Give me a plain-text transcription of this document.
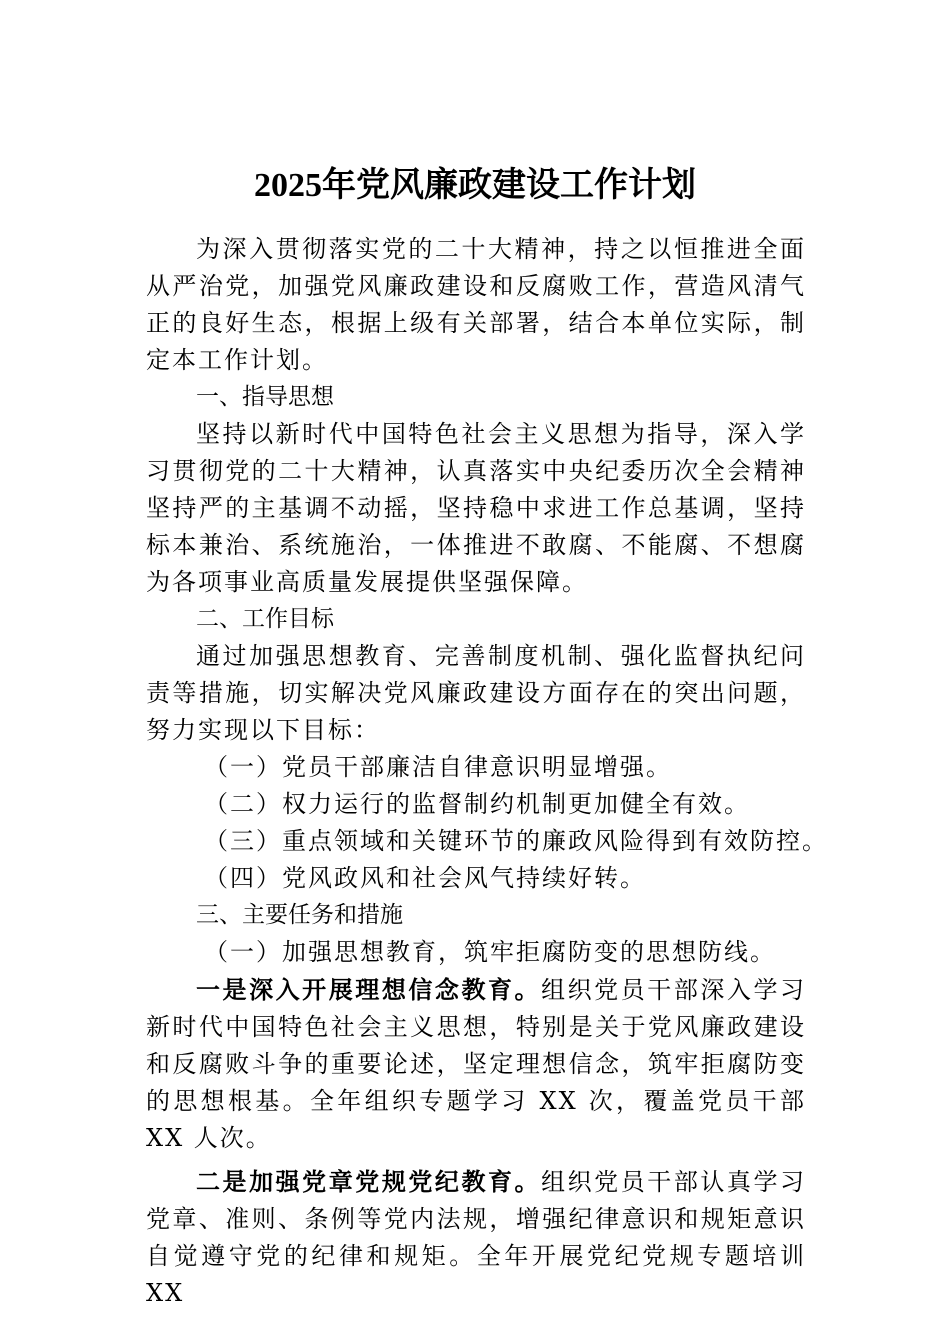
2025年党风廉政建设工作计划

为深入贯彻落实党的二十大精神，持之以恒推进全面从严治党，加强党风廉政建设和反腐败工作，营造风清气正的良好生态，根据上级有关部署，结合本单位实际，制定本工作计划。

一、指导思想

坚持以新时代中国特色社会主义思想为指导，深入学习贯彻党的二十大精神，认真落实中央纪委历次全会精神坚持严的主基调不动摇，坚持稳中求进工作总基调，坚持标本兼治、系统施治，一体推进不敢腐、不能腐、不想腐为各项事业高质量发展提供坚强保障。

二、工作目标

通过加强思想教育、完善制度机制、强化监督执纪问责等措施，切实解决党风廉政建设方面存在的突出问题，努力实现以下目标：

（一）党员干部廉洁自律意识明显增强。

（二）权力运行的监督制约机制更加健全有效。

（三）重点领域和关键环节的廉政风险得到有效防控。

（四）党风政风和社会风气持续好转。

三、主要任务和措施

（一）加强思想教育，筑牢拒腐防变的思想防线。

一是深入开展理想信念教育。组织党员干部深入学习新时代中国特色社会主义思想，特别是关于党风廉政建设和反腐败斗争的重要论述，坚定理想信念，筑牢拒腐防变的思想根基。全年组织专题学习 XX 次，覆盖党员干部 XX 人次。

二是加强党章党规党纪教育。组织党员干部认真学习党章、准则、条例等党内法规，增强纪律意识和规矩意识自觉遵守党的纪律和规矩。全年开展党纪党规专题培训 XX
